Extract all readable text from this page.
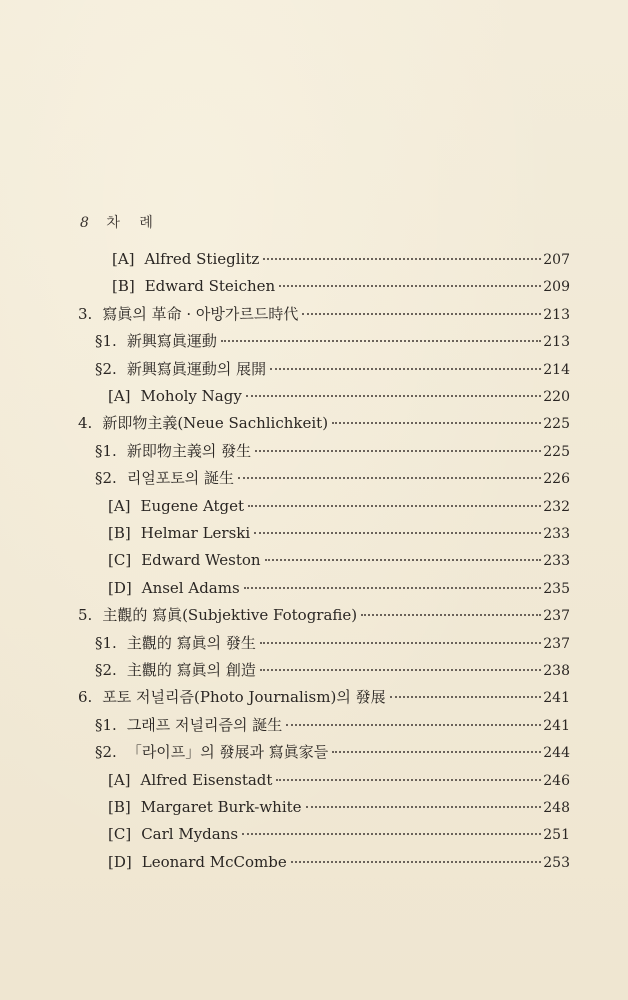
8 차 례
[A] Alfred Stieglitz	207
[B] Edward Steichen	209
3. 寫眞의 革命 · 아방가르드時代	213
§1. 新興寫眞運動	213
§2. 新興寫眞運動의 展開	214
[A] Moholy Nagy	220
4. 新即物主義(Neue Sachlichkeit)	225
§1. 新即物主義의 發生	225
§2. 리얼포토의 誕生	226
[A] Eugene Atget	232
[B] Helmar Lerski	233
[C] Edward Weston	233
[D] Ansel Adams	235
5. 主觀的 寫眞(Subjektive Fotografie)	237
§1. 主觀的 寫眞의 發生	237
§2. 主觀的 寫眞의 創造	238
6. 포토 저널리즘(Photo Journalism)의 發展	241
§1. 그래프 저널리즘의 誕生	241
§2. 「라이프」의 發展과 寫眞家들	244
[A] Alfred Eisenstadt	246
[B] Margaret Burk-white	248
[C] Carl Mydans	251
[D] Leonard McCombe	253
